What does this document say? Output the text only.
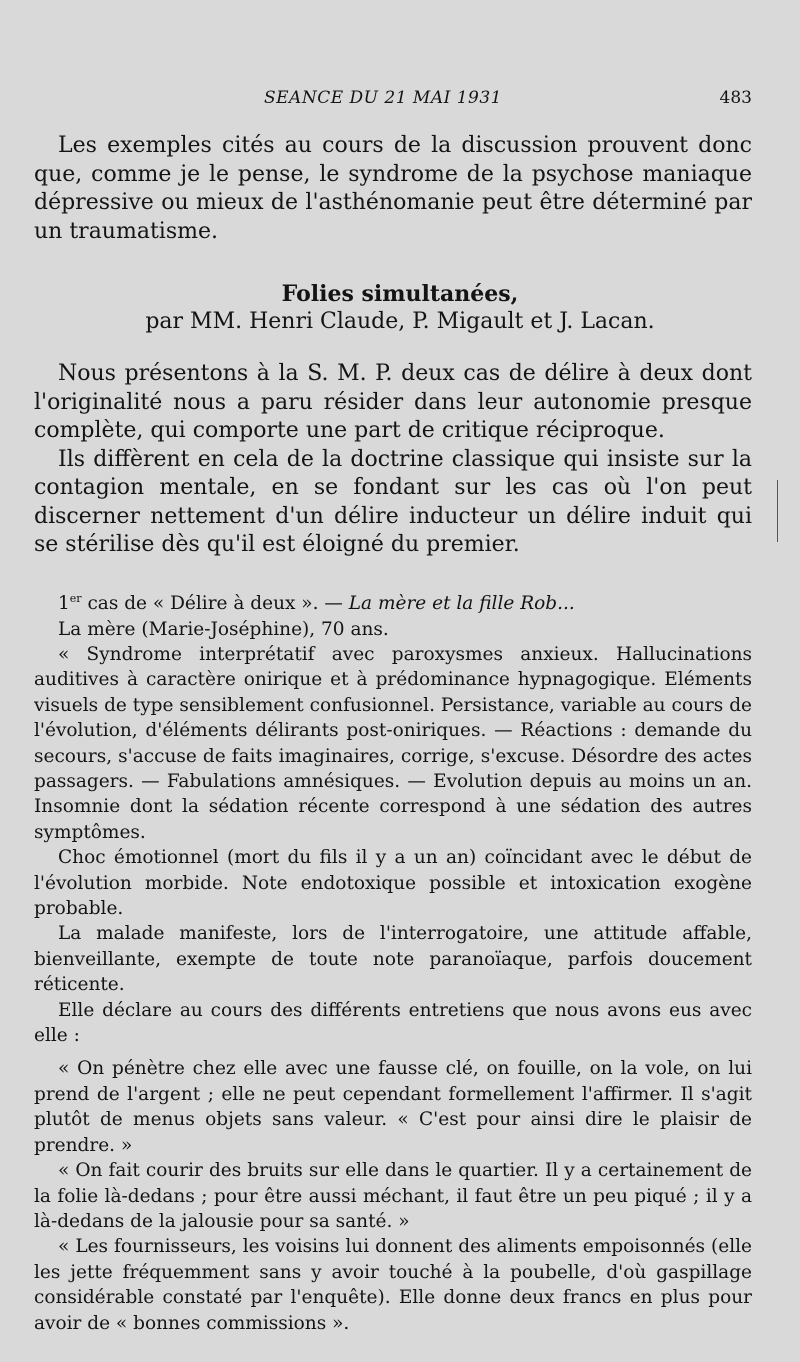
SEANCE DU 21 MAI 1931	483

Les exemples cités au cours de la discussion prouvent donc que, comme je le pense, le syndrome de la psychose maniaque dépressive ou mieux de l'asthénomanie peut être déterminé par un traumatisme.

Folies simultanées,
par MM. Henri Claude, P. Migault et J. Lacan.

Nous présentons à la S. M. P. deux cas de délire à deux dont l'originalité nous a paru résider dans leur autonomie presque complète, qui comporte une part de critique réciproque.

Ils diffèrent en cela de la doctrine classique qui insiste sur la contagion mentale, en se fondant sur les cas où l'on peut discerner nettement d'un délire inducteur un délire induit qui se stérilise dès qu'il est éloigné du premier.

1er cas de « Délire à deux ». — La mère et la fille Rob...

La mère (Marie-Joséphine), 70 ans.

« Syndrome interprétatif avec paroxysmes anxieux. Hallucinations auditives à caractère onirique et à prédominance hypnagogique. Eléments visuels de type sensiblement confusionnel. Persistance, variable au cours de l'évolution, d'éléments délirants post-oniriques. — Réactions : demande du secours, s'accuse de faits imaginaires, corrige, s'excuse. Désordre des actes passagers. — Fabulations amnésiques. — Evolution depuis au moins un an. Insomnie dont la sédation récente correspond à une sédation des autres symptômes.

Choc émotionnel (mort du fils il y a un an) coïncidant avec le début de l'évolution morbide. Note endotoxique possible et intoxication exogène probable.

La malade manifeste, lors de l'interrogatoire, une attitude affable, bienveillante, exempte de toute note paranoïaque, parfois doucement réticente.

Elle déclare au cours des différents entretiens que nous avons eus avec elle :

« On pénètre chez elle avec une fausse clé, on fouille, on la vole, on lui prend de l'argent ; elle ne peut cependant formellement l'affirmer. Il s'agit plutôt de menus objets sans valeur. « C'est pour ainsi dire le plaisir de prendre. »

« On fait courir des bruits sur elle dans le quartier. Il y a certainement de la folie là-dedans ; pour être aussi méchant, il faut être un peu piqué ; il y a là-dedans de la jalousie pour sa santé. »

« Les fournisseurs, les voisins lui donnent des aliments empoisonnés (elle les jette fréquemment sans y avoir touché à la poubelle, d'où gaspillage considérable constaté par l'enquête). Elle donne deux francs en plus pour avoir de « bonnes commissions ».
